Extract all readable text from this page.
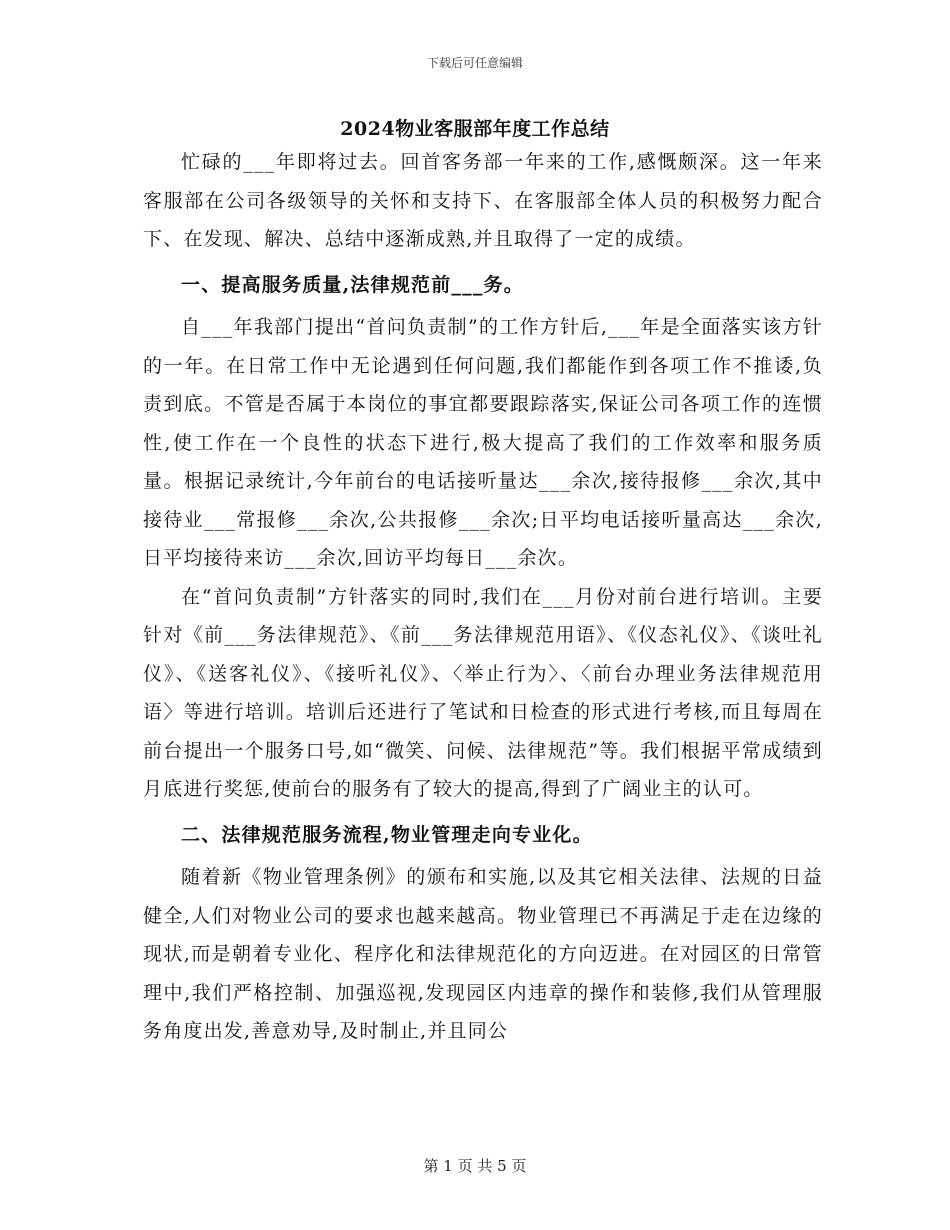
下载后可任意编辑
2024物业客服部年度工作总结

忙碌的___年即将过去。回首客务部一年来的工作,感慨颇深。这一年来客服部在公司各级领导的关怀和支持下、在客服部全体人员的积极努力配合下、在发现、解决、总结中逐渐成熟,并且取得了一定的成绩。

一、提高服务质量,法律规范前___务。

自___年我部门提出“首问负责制”的工作方针后,___年是全面落实该方针的一年。在日常工作中无论遇到任何问题,我们都能作到各项工作不推诿,负责到底。不管是否属于本岗位的事宜都要跟踪落实,保证公司各项工作的连惯性,使工作在一个良性的状态下进行,极大提高了我们的工作效率和服务质量。根据记录统计,今年前台的电话接听量达___余次,接待报修___余次,其中接待业___常报修___余次,公共报修___余次;日平均电话接听量高达___余次,日平均接待来访___余次,回访平均每日___余次。

在“首问负责制”方针落实的同时,我们在___月份对前台进行培训。主要针对《前___务法律规范》、《前___务法律规范用语》、《仪态礼仪》、《谈吐礼仪》、《送客礼仪》、《接听礼仪》、〈举止行为〉、〈前台办理业务法律规范用语〉等进行培训。培训后还进行了笔试和日检查的形式进行考核,而且每周在前台提出一个服务口号,如“微笑、问候、法律规范”等。我们根据平常成绩到月底进行奖惩,使前台的服务有了较大的提高,得到了广阔业主的认可。

二、法律规范服务流程,物业管理走向专业化。

随着新《物业管理条例》的颁布和实施,以及其它相关法律、法规的日益健全,人们对物业公司的要求也越来越高。物业管理已不再满足于走在边缘的现状,而是朝着专业化、程序化和法律规范化的方向迈进。在对园区的日常管理中,我们严格控制、加强巡视,发现园区内违章的操作和装修,我们从管理服务角度出发,善意劝导,及时制止,并且同公

第 1 页 共 5 页
